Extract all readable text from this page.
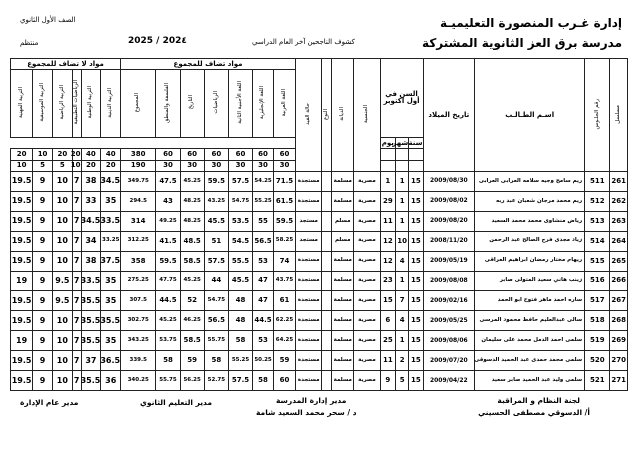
إدارة غـرب المنصورة التعليميـة
مدرسة برق العز الثانوية المشتركة
الصف الأول الثانوي
منتظم	2025 / 202٤	كشوف الناجحين آخر العام الدراسي
مسلسل	رقم الجلـوس	اسـم الطـالـب	تاريخ الميلاد	السن في أول اكتوبر			الجنسية	الديانة	النوع	حالة القيد	مواد تضاف للمجموع							مواد لا تضاف للمجموع					
											اللغة العربية	اللغة الإنجليزية	اللغة الأجنبية الثانية	الرياضيات	التاريخ	الفلسفة والمنطق	المجموع	التربية الدينية	التربية الوطنية	الرياضيات التطبيقية	التربية الرياضية	التربية الموسيقية	التربية المهنية
				سنة	شهر	يوم																	
											60	60	60	60	60	60	380	40	40	20	20	10	20
											30	30	30	30	30	30	190	20	20	10	5	5	10
261	511	ريم سامح وجيه سلامه العرابى العرابى	2009/08/30	15	1	1	مصرية	مسلمة		مستجدة	71.5	54.25	57.5	59.5	45.25	47.5	349.75	34.5	38	7	10	9	19.5
262	512	ريم محمد مرجان شعبان عبد ربه	2009/08/02	15	1	29	مصرية	مسلمة		مستجدة	61.5	55.25	54.75	43.25	48.25	43	294.5	35	33	7	10	9	19.5
263	513	رياض منشاوى محمد محمد السعيد	2009/08/20	15	1	11	مصرية	مسلم		مستجد	59.5	55	53.5	45.5	48.25	49.25	314	33.5	34.5	7	10	9	19.5
264	514	زياد مجدى فرج الصالح عبد الرحمن	2008/11/20	15	10	12	مصرية	مسلم		مستجد	58.25	56.5	54.5	51	48.5	41.5	312.25	33.25	34	7	10	9	19.5
265	515	ريهام مختار رمضان ابراهيم العراقى	2009/05/19	15	4	12	مصرية	مسلمة		مستجدة	74	53	55.5	57.5	58.5	59.5	358	37.5	38	7	10	9	19.5
266	516	زينب هاني سعيد المتولى صابر	2009/08/08	15	1	23	مصرية	مسلمة		مستجدة	43.75	47	45.5	44	45.25	47.75	275.25	35	33.5	7	9.5	9	19
267	517	ساره احمد ماهر فتوح ابو الحمد	2009/02/16	15	7	15	مصرية	مسلمة		مستجدة	61	47	48	54.75	52	44.5	307.5	35	35.5	7	9.5	9	19.5
268	518	سالى عبدالعليم حافظ محمود المرسى	2009/05/25	15	4	6	مصرية	مسلمة		مستجدة	62.25	44.5	48	56.5	46.25	45.25	302.75	35.5	35.5	7	10	9	19.5
269	519	سلمى احمد الدمل محمد على سليمان	2009/08/06	15	1	25	مصرية	مسلمة		مستجدة	64.25	53	58	55.75	58.5	53.75	343.25	35	35.5	7	10	9	19
270	520	سلمى محمد حمدى عبد الحميد الدسوقى	2009/07/20	15	2	11	مصرية	مسلمة		مستجدة	59	50.25	55.25	58	59	58	339.5	36.5	37	7	10	9	19.5
271	521	سلمى وليد عبد الحميد صابر سعيد	2009/04/22	15	5	9	مصرية	مسلمة		مستجدة	60	58	57.5	52.75	56.25	55.75	340.25	36	35.5	7	10	9	19.5
لجنة النظام و المراقبة
أ/ الدسوقي مصطفى الحسيني
مدير إدارة المدرسة
د / سحر محمد السعيد شامة
مدير التعليم الثانوي
مدير عام الإدارة
